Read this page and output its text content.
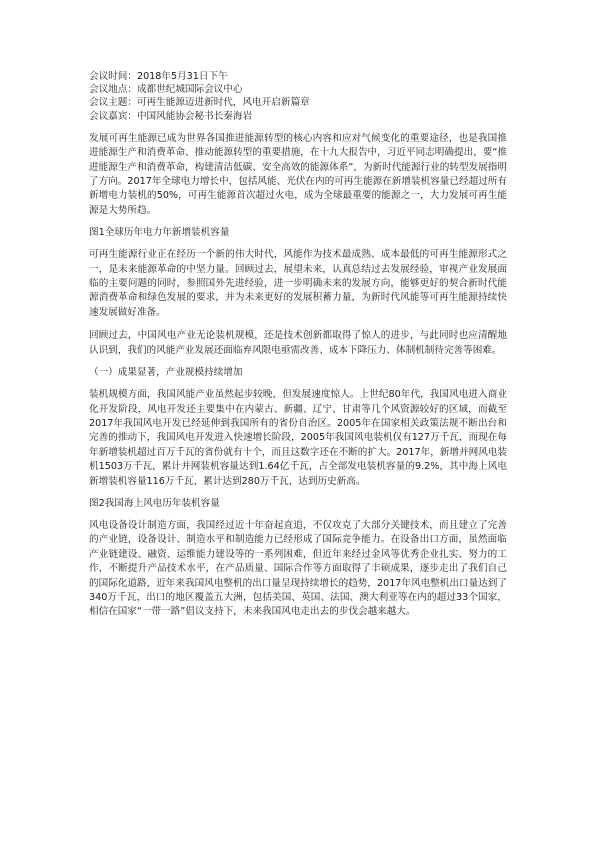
会议时间：2018年5月31日下午
会议地点：成都世纪城国际会议中心
会议主题：可再生能源迈进新时代，风电开启新篇章
会议嘉宾：中国风能协会秘书长秦海岩

发展可再生能源已成为世界各国推进能源转型的核心内容和应对气候变化的重要途径，也是我国推进能源生产和消费革命、推动能源转型的重要措施，在十九大报告中，习近平同志明确提出，要“推进能源生产和消费革命，构建清洁低碳、安全高效的能源体系”，为新时代能源行业的转型发展指明了方向。2017年全球电力增长中，包括风能、光伏在内的可再生能源在新增装机容量已经超过所有新增电力装机的50%，可再生能源首次超过火电，成为全球最重要的能源之一，大力发展可再生能源是大势所趋。

图1全球历年电力年新增装机容量

可再生能源行业正在经历一个新的伟大时代，风能作为技术最成熟、成本最低的可再生能源形式之一，是未来能源革命的中坚力量。回顾过去，展望未来，认真总结过去发展经验，审视产业发展面临的主要问题的同时，参照国外先进经验，进一步明确未来的发展方向，能够更好的契合新时代能源消费革命和绿色发展的要求，并为未来更好的发展积蓄力量，为新时代风能等可再生能源持续快速发展做好准备。

回顾过去，中国风电产业无论装机规模，还是技术创新都取得了惊人的进步，与此同时也应清醒地认识到，我们的风能产业发展还面临弃风限电亟需改善、成本下降压力、体制机制待完善等困难。

（一）成果显著，产业规模持续增加

装机规模方面，我国风能产业虽然起步较晚，但发展速度惊人。上世纪80年代，我国风电进入商业化开发阶段，风电开发还主要集中在内蒙古、新疆、辽宁、甘肃等几个风资源较好的区域，而截至2017年我国风电开发已经延伸到我国所有的省份自治区。2005年在国家相关政策法规不断出台和完善的推动下，我国风电开发进入快速增长阶段，2005年我国风电装机仅有127万千瓦，而现在每年新增装机超过百万千瓦的省份就有十个，而且这数字还在不断的扩大。2017年，新增并网风电装机1503万千瓦，累计并网装机容量达到1.64亿千瓦，占全部发电装机容量的9.2%，其中海上风电新增装机容量116万千瓦，累计达到280万千瓦，达到历史新高。

图2我国海上风电历年装机容量

风电设备设计制造方面，我国经过近十年奋起直追，不仅攻克了大部分关键技术，而且建立了完善的产业链，设备设计、制造水平和制造能力已经形成了国际竞争能力。在设备出口方面，虽然面临产业链建设、融资、运维能力建设等的一系列困难，但近年来经过金风等优秀企业扎实、努力的工作，不断提升产品技术水平，在产品质量、国际合作等方面取得了丰硕成果，逐步走出了我们自己的国际化道路，近年来我国风电整机的出口量呈现持续增长的趋势，2017年风电整机出口量达到了340万千瓦，出口的地区覆盖五大洲，包括美国、英国、法国、澳大利亚等在内的超过33个国家，相信在国家“一带一路”倡议支持下，未来我国风电走出去的步伐会越来越大。
